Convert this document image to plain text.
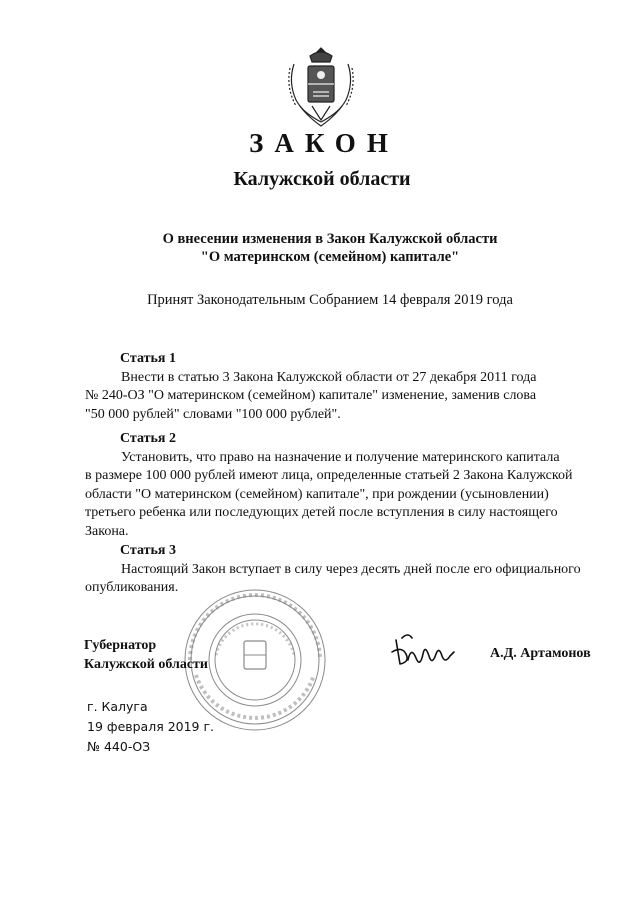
ЗАКОН
Калужской области
О внесении изменения в Закон Калужской области
"О материнском (семейном) капитале"
Принят Законодательным Собранием 14 февраля 2019 года
Статья 1
Внести в статью 3 Закона Калужской области от 27 декабря 2011 года
№ 240-ОЗ "О материнском (семейном) капитале" изменение, заменив слова
"50 000 рублей" словами "100 000 рублей".
Статья 2
Установить, что право на назначение и получение материнского капитала
в размере 100 000 рублей имеют лица, определенные статьей 2 Закона Калужской
области "О материнском (семейном) капитале", при рождении (усыновлении)
третьего ребенка или последующих детей после вступления в силу настоящего
Закона.
Статья 3
Настоящий Закон вступает в силу через десять дней после его официального
опубликования.
Губернатор
Калужской области
А.Д. Артамонов
г. Калуга
19 февраля 2019 г.
№ 440-ОЗ
